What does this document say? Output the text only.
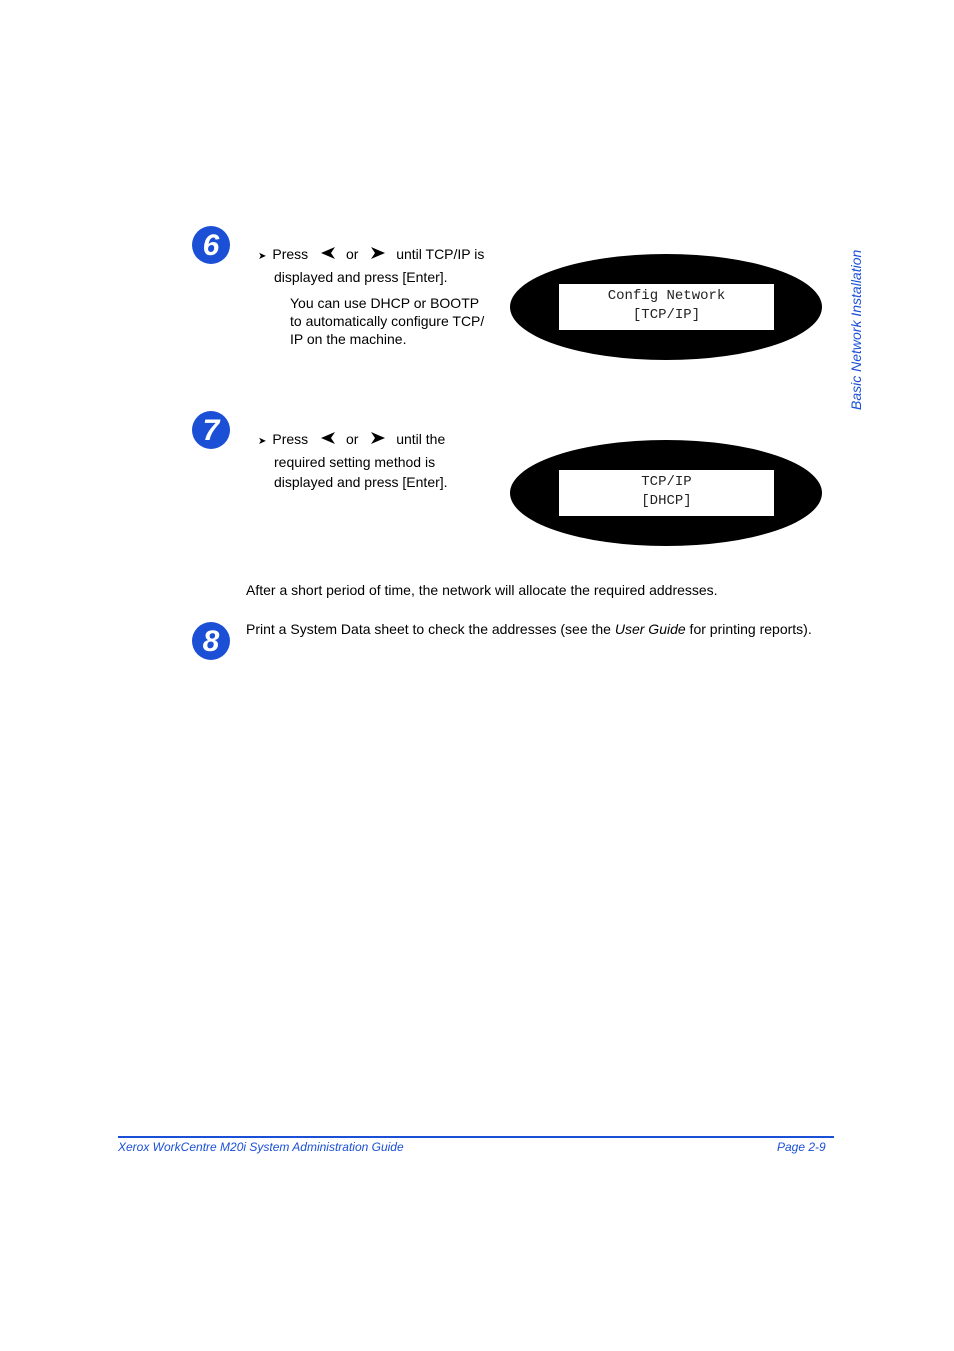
Basic Network Installation
6	➤ Press	or	until TCP/IP is
displayed and press [Enter].
You can use DHCP or BOOTP
to automatically configure TCP/
IP on the machine.
Config Network
[TCP/IP]
7	➤ Press	or	until the
required setting method is
displayed and press [Enter].	TCP/IP
[DHCP]
After a short period of time, the network will allocate the required addresses.
8 Print a System Data sheet to check the addresses (see the User Guide for printing reports).
Xerox WorkCentre M20i System Administration Guide	Page 2-9
